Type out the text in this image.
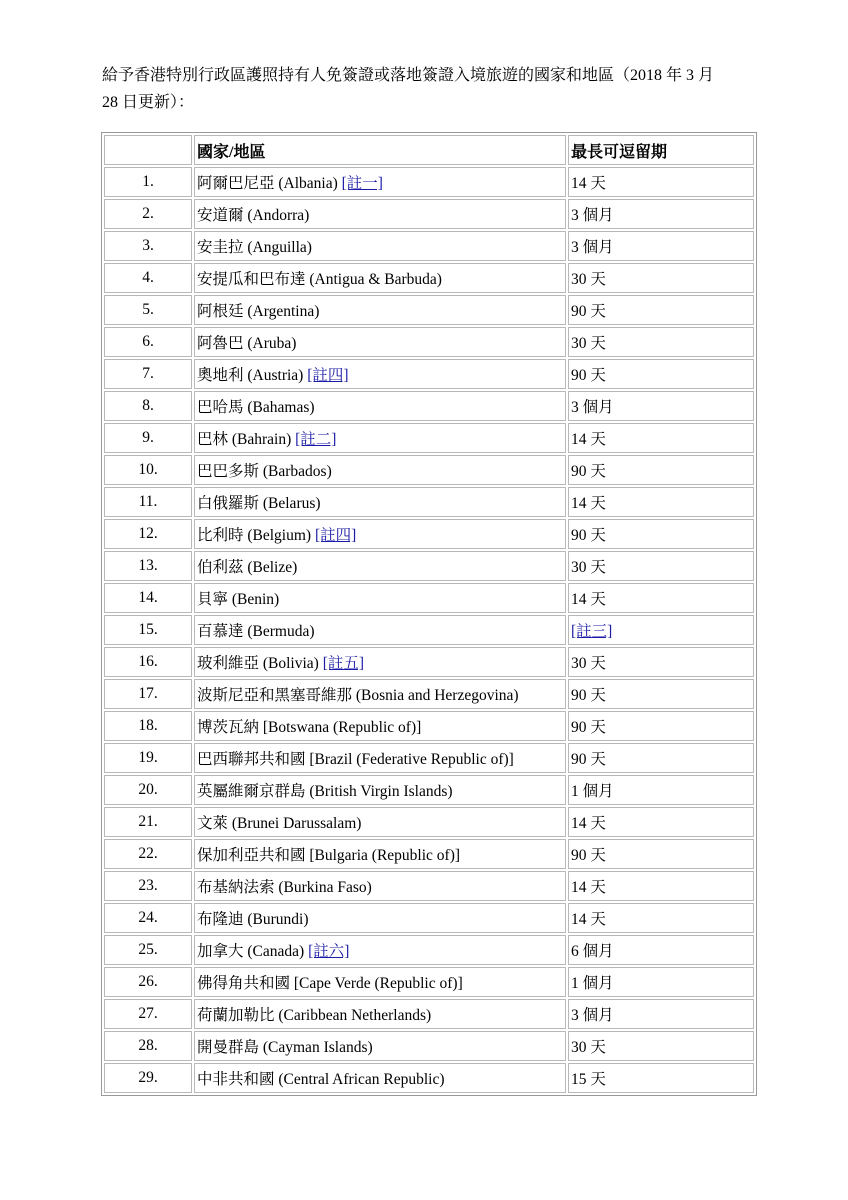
給予香港特別行政區護照持有人免簽證或落地簽證入境旅遊的國家和地區（2018 年 3 月 28 日更新）：

	國家/地區	最長可逗留期
1.	阿爾巴尼亞 (Albania) [註一]	14 天
2.	安道爾 (Andorra)	3 個月
3.	安圭拉 (Anguilla)	3 個月
4.	安提瓜和巴布達 (Antigua & Barbuda)	30 天
5.	阿根廷 (Argentina)	90 天
6.	阿魯巴 (Aruba)	30 天
7.	奧地利 (Austria) [註四]	90 天
8.	巴哈馬 (Bahamas)	3 個月
9.	巴林 (Bahrain) [註二]	14 天
10.	巴巴多斯 (Barbados)	90 天
11.	白俄羅斯 (Belarus)	14 天
12.	比利時 (Belgium) [註四]	90 天
13.	伯利茲 (Belize)	30 天
14.	貝寧 (Benin)	14 天
15.	百慕達 (Bermuda)	[註三]
16.	玻利維亞 (Bolivia) [註五]	30 天
17.	波斯尼亞和黑塞哥維那 (Bosnia and Herzegovina)	90 天
18.	博茨瓦納 [Botswana (Republic of)]	90 天
19.	巴西聯邦共和國 [Brazil (Federative Republic of)]	90 天
20.	英屬維爾京群島 (British Virgin Islands)	1 個月
21.	文萊 (Brunei Darussalam)	14 天
22.	保加利亞共和國 [Bulgaria (Republic of)]	90 天
23.	布基納法索 (Burkina Faso)	14 天
24.	布隆迪 (Burundi)	14 天
25.	加拿大 (Canada) [註六]	6 個月
26.	佛得角共和國 [Cape Verde (Republic of)]	1 個月
27.	荷蘭加勒比 (Caribbean Netherlands)	3 個月
28.	開曼群島 (Cayman Islands)	30 天
29.	中非共和國 (Central African Republic)	15 天
